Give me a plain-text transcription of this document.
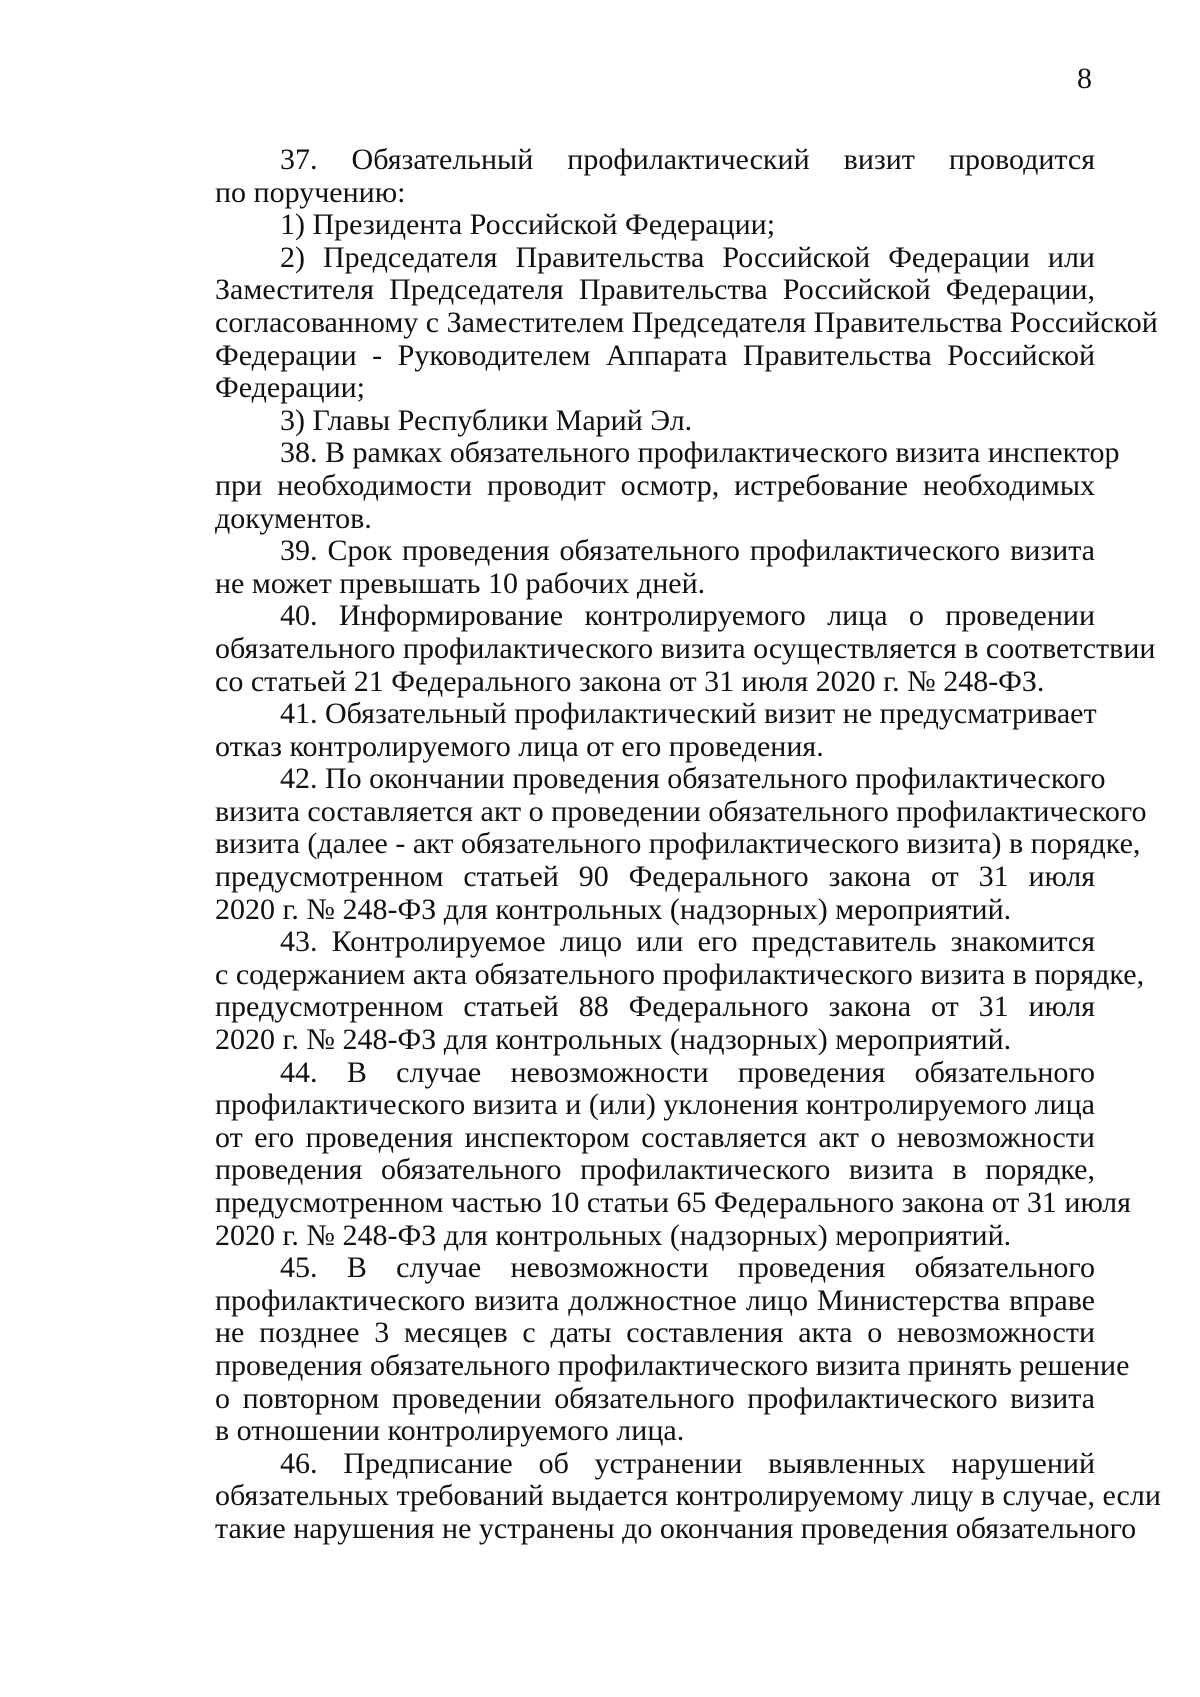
8
37. Обязательный профилактический визит проводится
по поручению:
1) Президента Российской Федерации;
2) Председателя Правительства Российской Федерации или
Заместителя Председателя Правительства Российской Федерации,
согласованному с Заместителем Председателя Правительства Российской
Федерации - Руководителем Аппарата Правительства Российской
Федерации;
3) Главы Республики Марий Эл.
38. В рамках обязательного профилактического визита инспектор
при необходимости проводит осмотр, истребование необходимых
документов.
39. Срок проведения обязательного профилактического визита
не может превышать 10 рабочих дней.
40. Информирование контролируемого лица о проведении
обязательного профилактического визита осуществляется в соответствии
со статьей 21 Федерального закона от 31 июля 2020 г. № 248-ФЗ.
41. Обязательный профилактический визит не предусматривает
отказ контролируемого лица от его проведения.
42. По окончании проведения обязательного профилактического
визита составляется акт о проведении обязательного профилактического
визита (далее - акт обязательного профилактического визита) в порядке,
предусмотренном статьей 90 Федерального закона от 31 июля
2020 г. № 248-ФЗ для контрольных (надзорных) мероприятий.
43. Контролируемое лицо или его представитель знакомится
с содержанием акта обязательного профилактического визита в порядке,
предусмотренном статьей 88 Федерального закона от 31 июля
2020 г. № 248-ФЗ для контрольных (надзорных) мероприятий.
44. В случае невозможности проведения обязательного
профилактического визита и (или) уклонения контролируемого лица
от его проведения инспектором составляется акт о невозможности
проведения обязательного профилактического визита в порядке,
предусмотренном частью 10 статьи 65 Федерального закона от 31 июля
2020 г. № 248-ФЗ для контрольных (надзорных) мероприятий.
45. В случае невозможности проведения обязательного
профилактического визита должностное лицо Министерства вправе
не позднее 3 месяцев с даты составления акта о невозможности
проведения обязательного профилактического визита принять решение
о повторном проведении обязательного профилактического визита
в отношении контролируемого лица.
46. Предписание об устранении выявленных нарушений
обязательных требований выдается контролируемому лицу в случае, если
такие нарушения не устранены до окончания проведения обязательного
